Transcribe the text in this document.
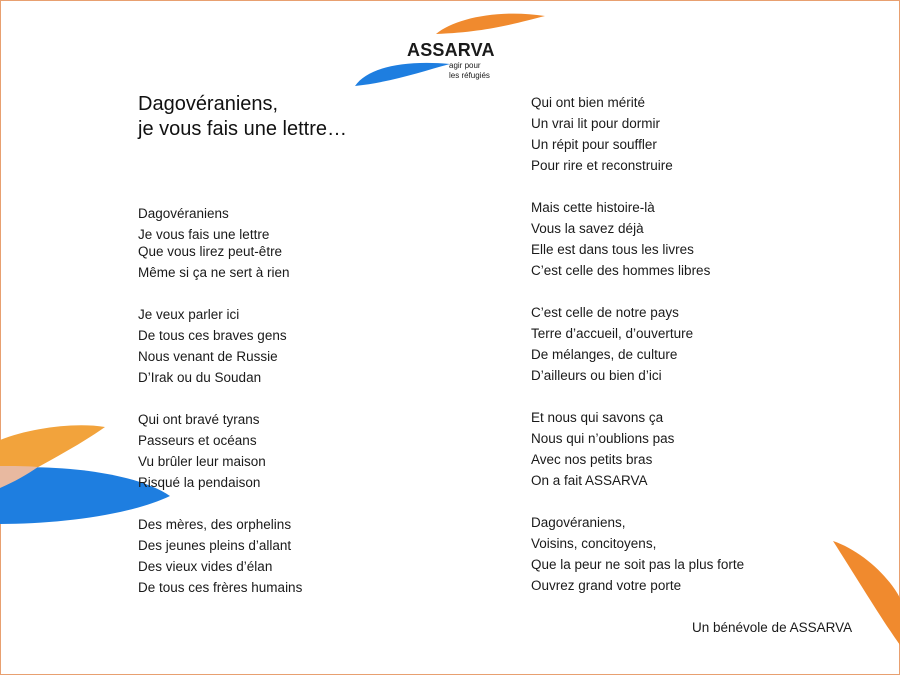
ASSARVA
agir pour
les réfugiés
Dagovéraniens,
je vous fais une lettre…
Dagovéraniens
Je vous fais une lettre
Que vous lirez peut-être
Même si ça ne sert à rien
Je veux parler ici
De tous ces braves gens
Nous venant de Russie
D’Irak ou du Soudan
Qui ont bravé tyrans
Passeurs et océans
Vu brûler leur maison
Risqué la pendaison
Des mères, des orphelins
Des jeunes pleins d’allant
Des vieux vides d’élan
De tous ces frères humains
Qui ont bien mérité
Un vrai lit pour dormir
Un répit pour souffler
Pour rire et reconstruire
Mais cette histoire-là
Vous la savez déjà
Elle est dans tous les livres
C’est celle des hommes libres
C’est celle de notre pays
Terre d’accueil, d’ouverture
De mélanges, de culture
D’ailleurs ou bien d’ici
Et nous qui savons ça
Nous qui n’oublions pas
Avec nos petits bras
On a fait ASSARVA
Dagovéraniens,
Voisins, concitoyens,
Que la peur ne soit pas la plus forte
Ouvrez grand votre porte
Un bénévole de ASSARVA
